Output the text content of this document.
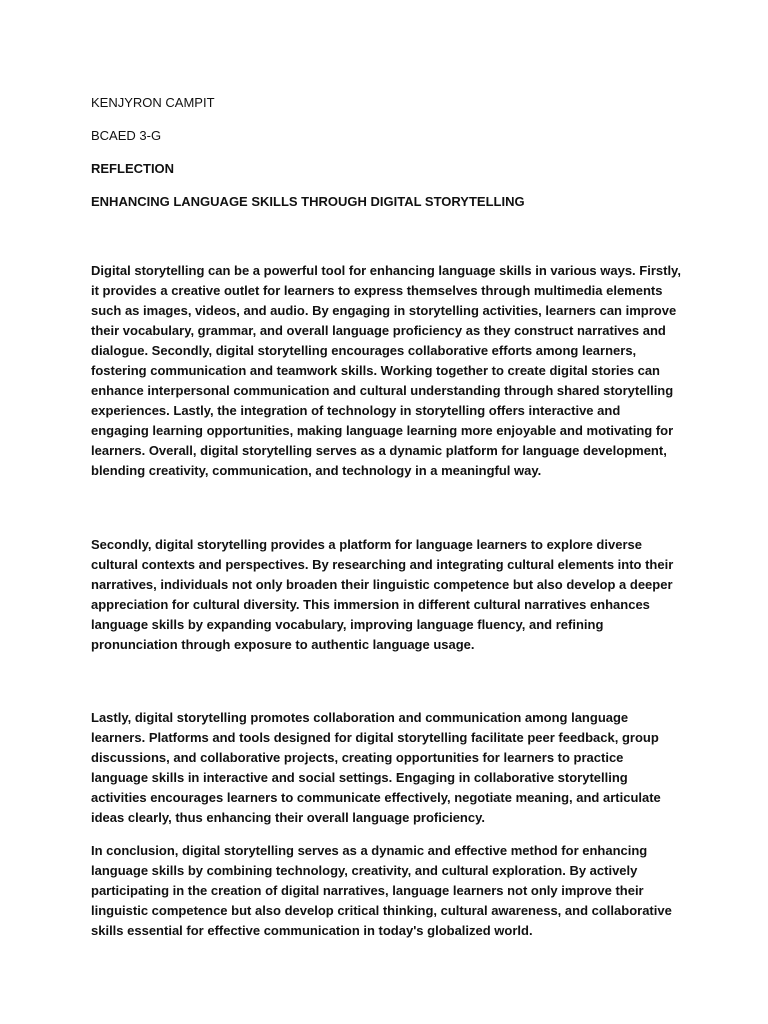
KENJYRON CAMPIT

BCAED 3-G

REFLECTION

ENHANCING LANGUAGE SKILLS THROUGH DIGITAL STORYTELLING

Digital storytelling can be a powerful tool for enhancing language skills in various ways. Firstly, it provides a creative outlet for learners to express themselves through multimedia elements such as images, videos, and audio. By engaging in storytelling activities, learners can improve their vocabulary, grammar, and overall language proficiency as they construct narratives and dialogue. Secondly, digital storytelling encourages collaborative efforts among learners, fostering communication and teamwork skills. Working together to create digital stories can enhance interpersonal communication and cultural understanding through shared storytelling experiences. Lastly, the integration of technology in storytelling offers interactive and engaging learning opportunities, making language learning more enjoyable and motivating for learners. Overall, digital storytelling serves as a dynamic platform for language development, blending creativity, communication, and technology in a meaningful way.

Secondly, digital storytelling provides a platform for language learners to explore diverse cultural contexts and perspectives. By researching and integrating cultural elements into their narratives, individuals not only broaden their linguistic competence but also develop a deeper appreciation for cultural diversity. This immersion in different cultural narratives enhances language skills by expanding vocabulary, improving language fluency, and refining pronunciation through exposure to authentic language usage.

Lastly, digital storytelling promotes collaboration and communication among language learners. Platforms and tools designed for digital storytelling facilitate peer feedback, group discussions, and collaborative projects, creating opportunities for learners to practice language skills in interactive and social settings. Engaging in collaborative storytelling activities encourages learners to communicate effectively, negotiate meaning, and articulate ideas clearly, thus enhancing their overall language proficiency.

In conclusion, digital storytelling serves as a dynamic and effective method for enhancing language skills by combining technology, creativity, and cultural exploration. By actively participating in the creation of digital narratives, language learners not only improve their linguistic competence but also develop critical thinking, cultural awareness, and collaborative skills essential for effective communication in today's globalized world.
